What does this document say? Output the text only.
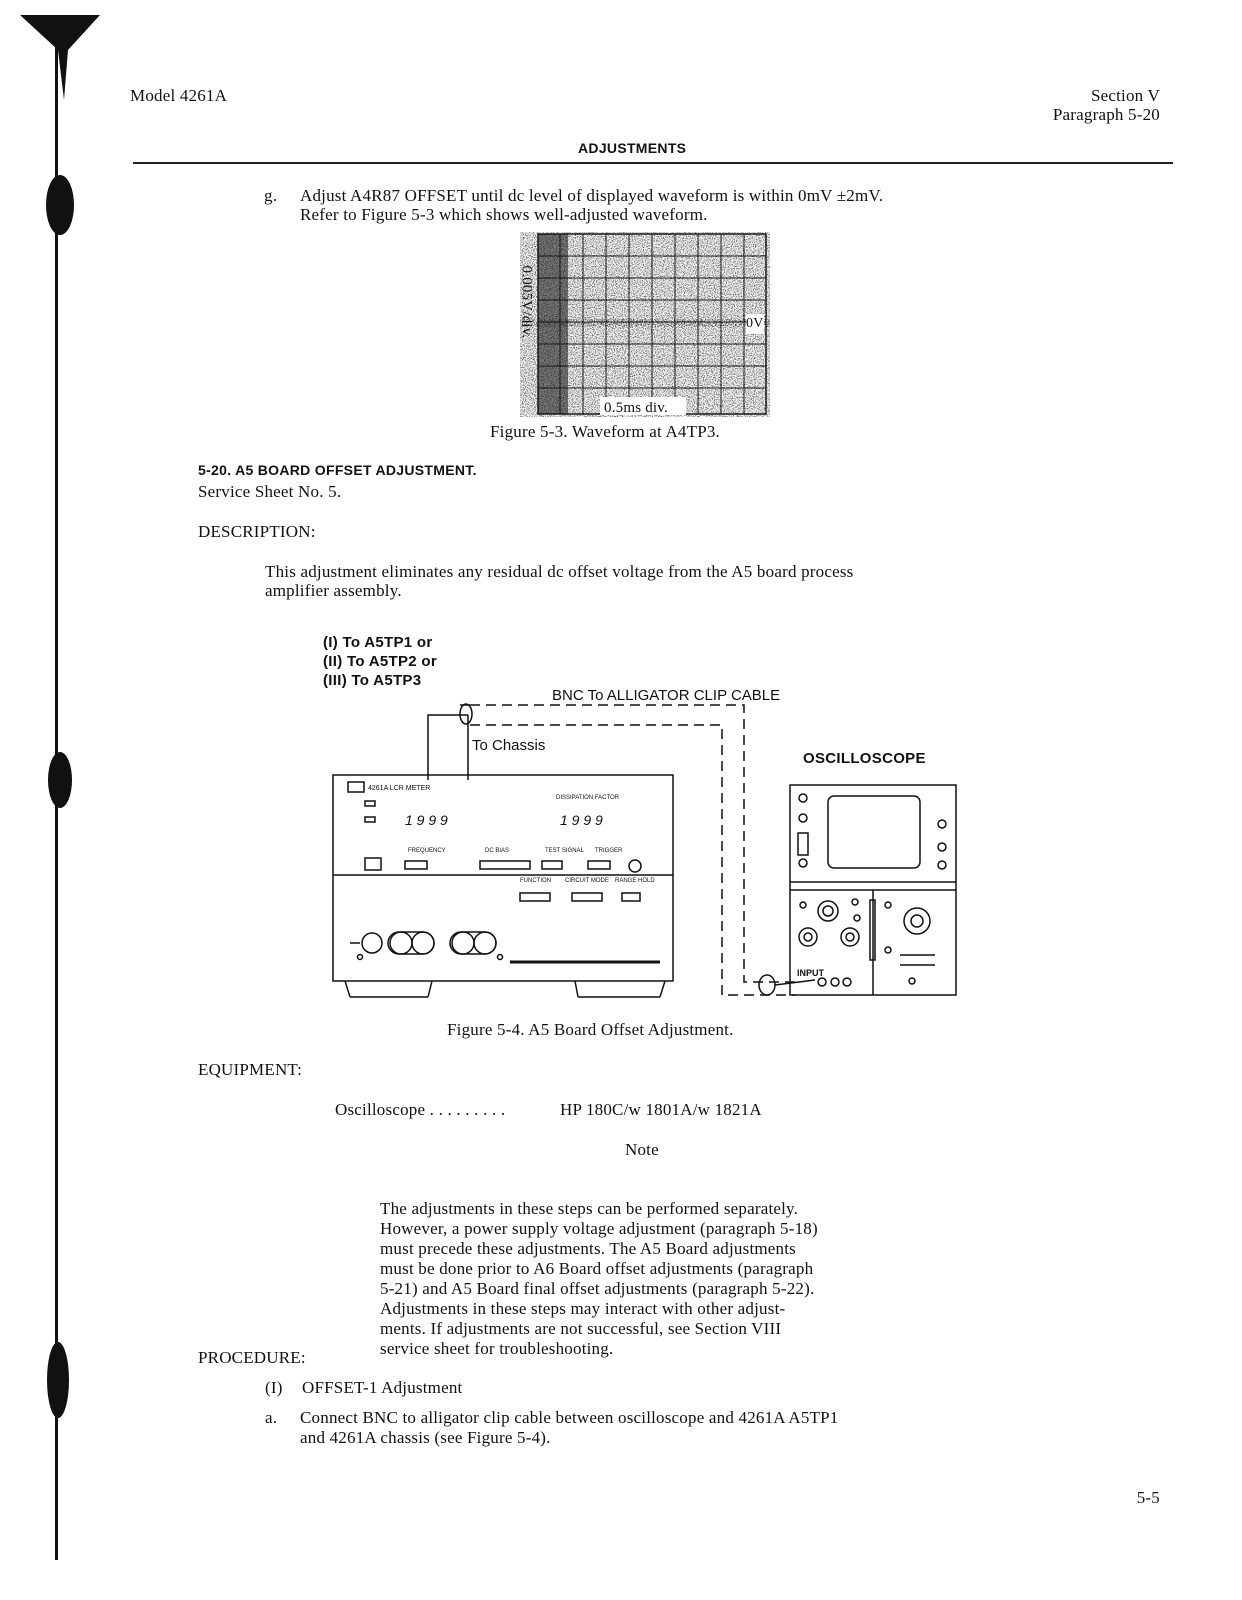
Model 4261A	Section V
Paragraph 5-20
ADJUSTMENTS
g. Adjust A4R87 OFFSET until dc level of displayed waveform is within 0mV ±2mV.
Refer to Figure 5-3 which shows well-adjusted waveform.
0.005V/div.	0V
0.5ms div.
Figure 5-3. Waveform at A4TP3.
5-20. A5 BOARD OFFSET ADJUSTMENT.
Service Sheet No. 5.
DESCRIPTION:
This adjustment eliminates any residual dc offset voltage from the A5 board process
amplifier assembly.
(I) To A5TP1 or
(II) To A5TP2 or
(III) To A5TP3
BNC To ALLIGATOR CLIP CABLE
To Chassis
OSCILLOSCOPE
4261A LCR METER
DISSIPATION FACTOR
FUNCTION CIRCUIT MODE RANGE HOLD
FREQUENCY	DC BIAS	TEST SIGNAL TRIGGER
1 9 9 9	1 9 9 9
INPUT
Figure 5-4. A5 Board Offset Adjustment.
EQUIPMENT:
Oscilloscope . . . . . . . . .	HP 180C/w 1801A/w 1821A
Note
The adjustments in these steps can be performed separately.
However, a power supply voltage adjustment (paragraph 5-18)
must precede these adjustments. The A5 Board adjustments
must be done prior to A6 Board offset adjustments (paragraph
5-21) and A5 Board final offset adjustments (paragraph 5-22).
Adjustments in these steps may interact with other adjust-
ments. If adjustments are not successful, see Section VIII
service sheet for troubleshooting.
PROCEDURE:
(I) OFFSET-1 Adjustment
a. Connect BNC to alligator clip cable between oscilloscope and 4261A A5TP1
and 4261A chassis (see Figure 5-4).
5-5
